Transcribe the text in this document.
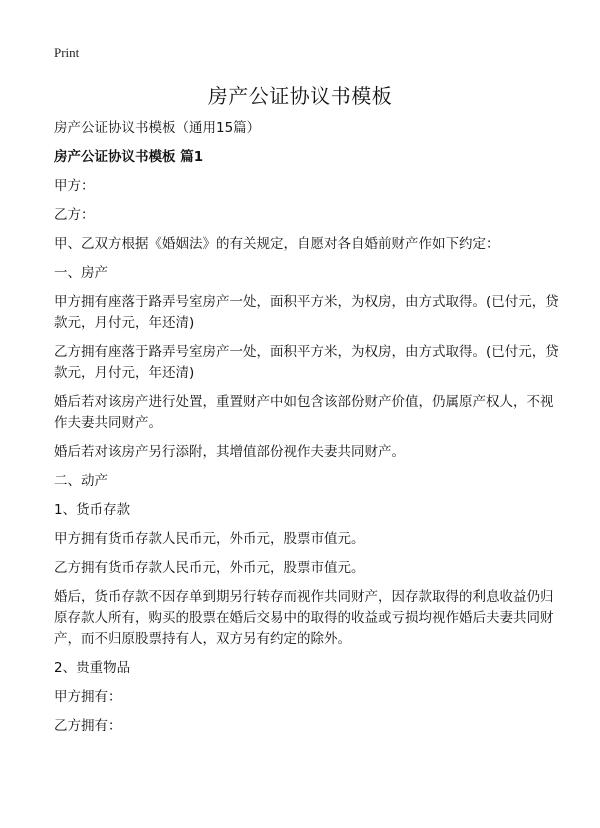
Print
房产公证协议书模板

房产公证协议书模板（通用15篇）

房产公证协议书模板 篇1

甲方：

乙方：

甲、乙双方根据《婚姻法》的有关规定，自愿对各自婚前财产作如下约定：

一、房产

甲方拥有座落于路弄号室房产一处，面积平方米，为权房，由方式取得。(已付元，贷款元，月付元，年还清)

乙方拥有座落于路弄号室房产一处，面积平方米，为权房，由方式取得。(已付元，贷款元，月付元，年还清)

婚后若对该房产进行处置，重置财产中如包含该部份财产价值，仍属原产权人，不视作夫妻共同财产。

婚后若对该房产另行添附，其增值部份视作夫妻共同财产。

二、动产

1、货币存款

甲方拥有货币存款人民币元，外币元，股票市值元。

乙方拥有货币存款人民币元，外币元，股票市值元。

婚后，货币存款不因存单到期另行转存而视作共同财产，因存款取得的利息收益仍归原存款人所有，购买的股票在婚后交易中的取得的收益或亏损均视作婚后夫妻共同财产，而不归原股票持有人，双方另有约定的除外。

2、贵重物品

甲方拥有：

乙方拥有：
